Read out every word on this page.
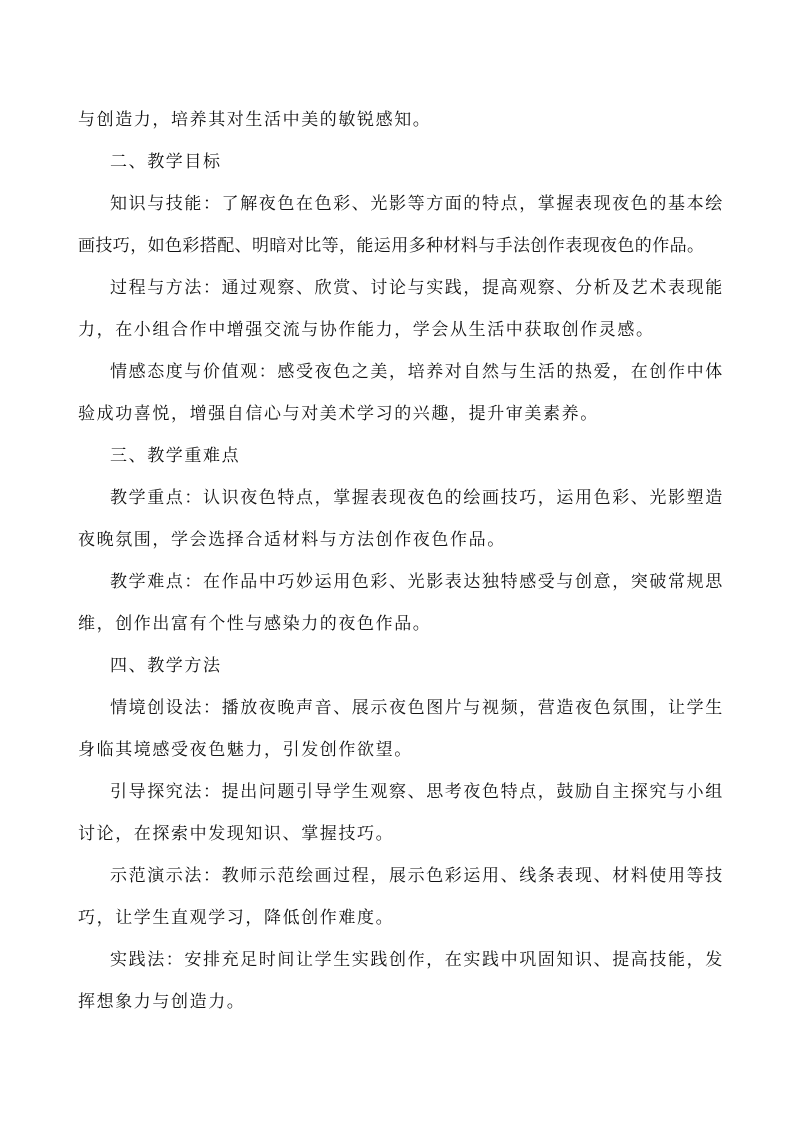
与创造力，培养其对生活中美的敏锐感知。

二、教学目标

知识与技能：了解夜色在色彩、光影等方面的特点，掌握表现夜色的基本绘

画技巧，如色彩搭配、明暗对比等，能运用多种材料与手法创作表现夜色的作品。

过程与方法：通过观察、欣赏、讨论与实践，提高观察、分析及艺术表现能

力，在小组合作中增强交流与协作能力，学会从生活中获取创作灵感。

情感态度与价值观：感受夜色之美，培养对自然与生活的热爱，在创作中体

验成功喜悦，增强自信心与对美术学习的兴趣，提升审美素养。

三、教学重难点

教学重点：认识夜色特点，掌握表现夜色的绘画技巧，运用色彩、光影塑造

夜晚氛围，学会选择合适材料与方法创作夜色作品。

教学难点：在作品中巧妙运用色彩、光影表达独特感受与创意，突破常规思

维，创作出富有个性与感染力的夜色作品。

四、教学方法

情境创设法：播放夜晚声音、展示夜色图片与视频，营造夜色氛围，让学生

身临其境感受夜色魅力，引发创作欲望。

引导探究法：提出问题引导学生观察、思考夜色特点，鼓励自主探究与小组

讨论，在探索中发现知识、掌握技巧。

示范演示法：教师示范绘画过程，展示色彩运用、线条表现、材料使用等技

巧，让学生直观学习，降低创作难度。

实践法：安排充足时间让学生实践创作，在实践中巩固知识、提高技能，发

挥想象力与创造力。
